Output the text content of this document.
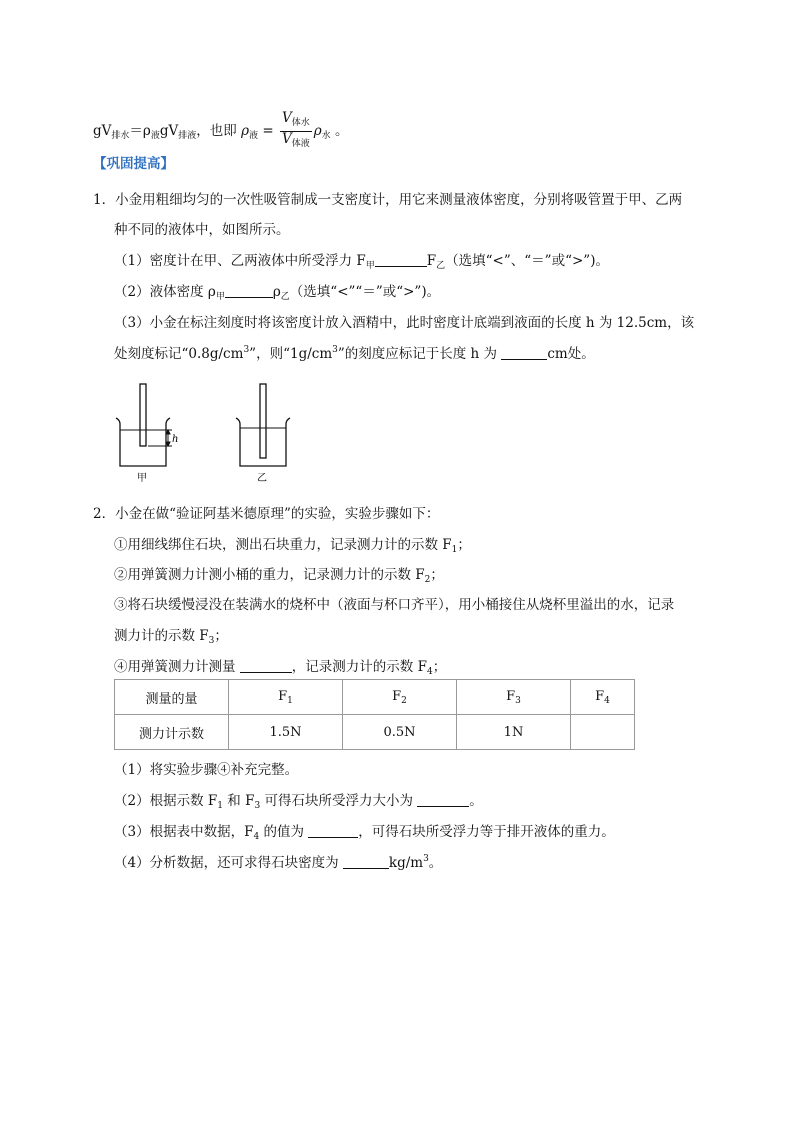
$gV_{排水}=\rho_液gV_{排液}$，也即 $\rho_液 = \frac{V_{体水}}{V_{体液}} \rho_水$ 。
【巩固提高】
1．小金用粗细均匀的一次性吸管制成一支密度计，用它来测量液体密度，分别将吸管置于甲、乙两
种不同的液体中，如图所示。
（1）密度计在甲、乙两液体中所受浮力 $F_甲$	$F_乙$（选填“<”、“＝”或“>”)。
（2）液体密度 $\rho_甲$	$\rho_乙$（选填“<”“＝”或“>”)。
（3）小金在标注刻度时将该密度计放入酒精中，此时密度计底端到液面的长度 h 为 12.5cm，该
处刻度标记“$0.8g/cm^3$”，则“$1g/cm^3$”的刻度应标记于长度 h 为	cm处。
h
甲	乙
2．小金在做“验证阿基米德原理”的实验，实验步骤如下：
①用细线绑住石块，测出石块重力，记录测力计的示数 $F_1$；
②用弹簧测力计测小桶的重力，记录测力计的示数 $F_2$；
③将石块缓慢浸没在装满水的烧杯中（液面与杯口齐平），用小桶接住从烧杯里溢出的水，记录
测力计的示数 $F_3$；
④用弹簧测力计测量	，记录测力计的示数 $F_4$；
测量的量	$F_1$	$F_2$	$F_3$	$F_4$
测力计示数	1.5N	0.5N	1N	
（1）将实验步骤④补充完整。
（2）根据示数 $F_1$ 和 $F_3$ 可得石块所受浮力大小为	。
（3）根据表中数据，$F_4$ 的值为	，可得石块所受浮力等于排开液体的重力。
（4）分析数据，还可求得石块密度为	$kg/m^3$。
